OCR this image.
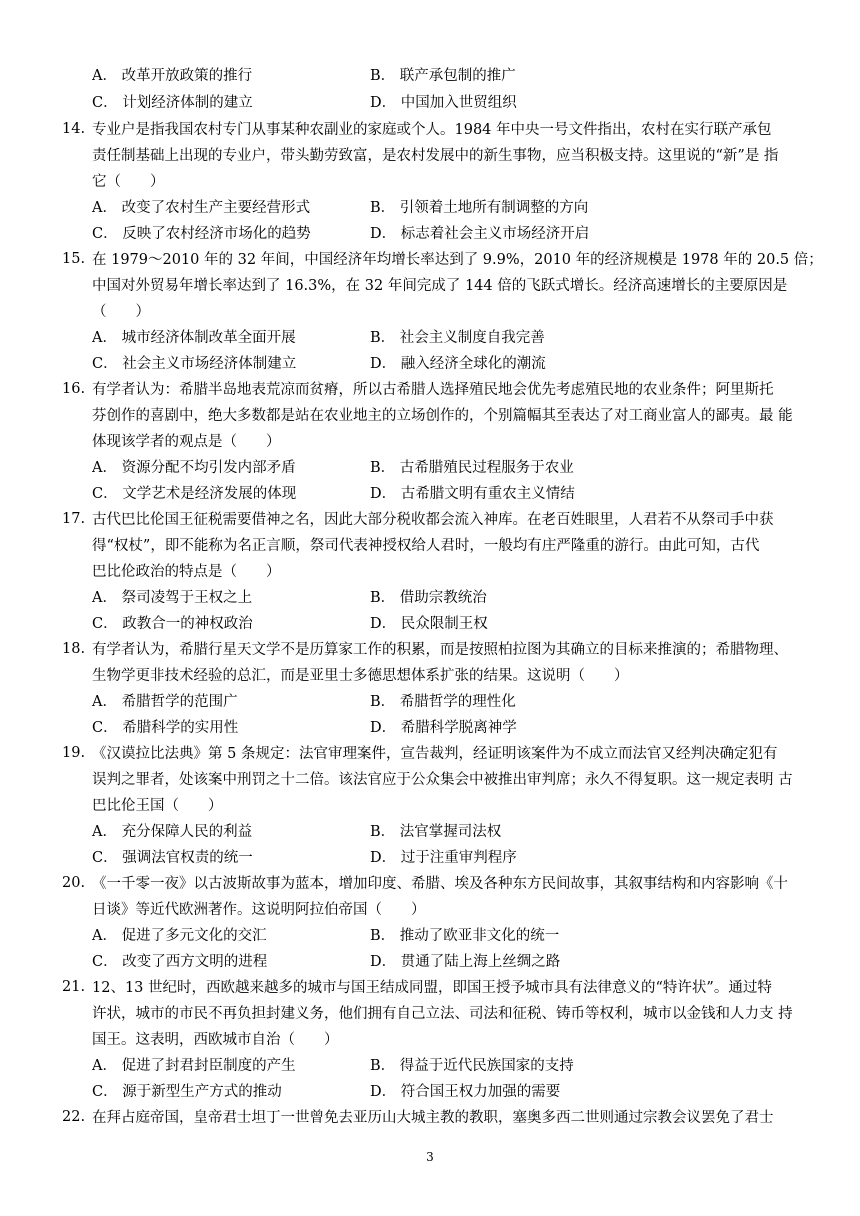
A． 改革开放政策的推行	B． 联产承包制的推广
C． 计划经济体制的建立	D． 中国加入世贸组织
14. 专业户是指我国农村专门从事某种农副业的家庭或个人。1984 年中央一号文件指出，农村在实行联产承包
责任制基础上出现的专业户，带头勤劳致富，是农村发展中的新生事物，应当积极支持。这里说的“新”是 指
它（　　）
A． 改变了农村生产主要经营形式	B． 引领着土地所有制调整的方向
C． 反映了农村经济市场化的趋势	D． 标志着社会主义市场经济开启
15. 在 1979～2010 年的 32 年间，中国经济年均增长率达到了 9.9%，2010 年的经济规模是 1978 年的 20.5 倍；
中国对外贸易年增长率达到了 16.3%，在 32 年间完成了 144 倍的飞跃式增长。经济高速增长的主要原因是
（　　）
A． 城市经济体制改革全面开展	B． 社会主义制度自我完善
C． 社会主义市场经济体制建立	D． 融入经济全球化的潮流
16. 有学者认为：希腊半岛地表荒凉而贫瘠，所以古希腊人选择殖民地会优先考虑殖民地的农业条件；阿里斯托
芬创作的喜剧中，绝大多数都是站在农业地主的立场创作的，个别篇幅其至表达了对工商业富人的鄙夷。最 能
体现该学者的观点是（　　）
A． 资源分配不均引发内部矛盾	B． 古希腊殖民过程服务于农业
C． 文学艺术是经济发展的体现	D． 古希腊文明有重农主义情结
17. 古代巴比伦国王征税需要借神之名，因此大部分税收都会流入神库。在老百姓眼里，人君若不从祭司手中获
得“权杖”，即不能称为名正言顺，祭司代表神授权给人君时，一般均有庄严隆重的游行。由此可知，古代
巴比伦政治的特点是（　　）
A． 祭司凌驾于王权之上	B． 借助宗教统治
C． 政教合一的神权政治	D． 民众限制王权
18. 有学者认为，希腊行星天文学不是历算家工作的积累，而是按照柏拉图为其确立的目标来推演的；希腊物理、
生物学更非技术经验的总汇，而是亚里士多德思想体系扩张的结果。这说明（　　）
A． 希腊哲学的范围广	B． 希腊哲学的理性化
C． 希腊科学的实用性	D． 希腊科学脱离神学
19. 《汉谟拉比法典》第 5 条规定：法官审理案件，宣告裁判，经证明该案件为不成立而法官又经判决确定犯有
误判之罪者，处该案中刑罚之十二倍。该法官应于公众集会中被推出审判席；永久不得复职。这一规定表明 古
巴比伦王国（　　）
A． 充分保障人民的利益	B． 法官掌握司法权
C． 强调法官权责的统一	D． 过于注重审判程序
20. 《一千零一夜》以古波斯故事为蓝本，增加印度、希腊、埃及各种东方民间故事，其叙事结构和内容影响《十
日谈》等近代欧洲著作。这说明阿拉伯帝国（　　）
A． 促进了多元文化的交汇	B． 推动了欧亚非文化的统一
C． 改变了西方文明的进程	D． 贯通了陆上海上丝绸之路
21. 12、13 世纪时，西欧越来越多的城市与国王结成同盟，即国王授予城市具有法律意义的“特许状”。通过特
许状，城市的市民不再负担封建义务，他们拥有自己立法、司法和征税、铸币等权利，城市以金钱和人力支 持
国王。这表明，西欧城市自治（　　）
A． 促进了封君封臣制度的产生	B． 得益于近代民族国家的支持
C． 源于新型生产方式的推动	D． 符合国王权力加强的需要
22. 在拜占庭帝国，皇帝君士坦丁一世曾免去亚历山大城主教的教职，塞奥多西二世则通过宗教会议罢免了君士
3
